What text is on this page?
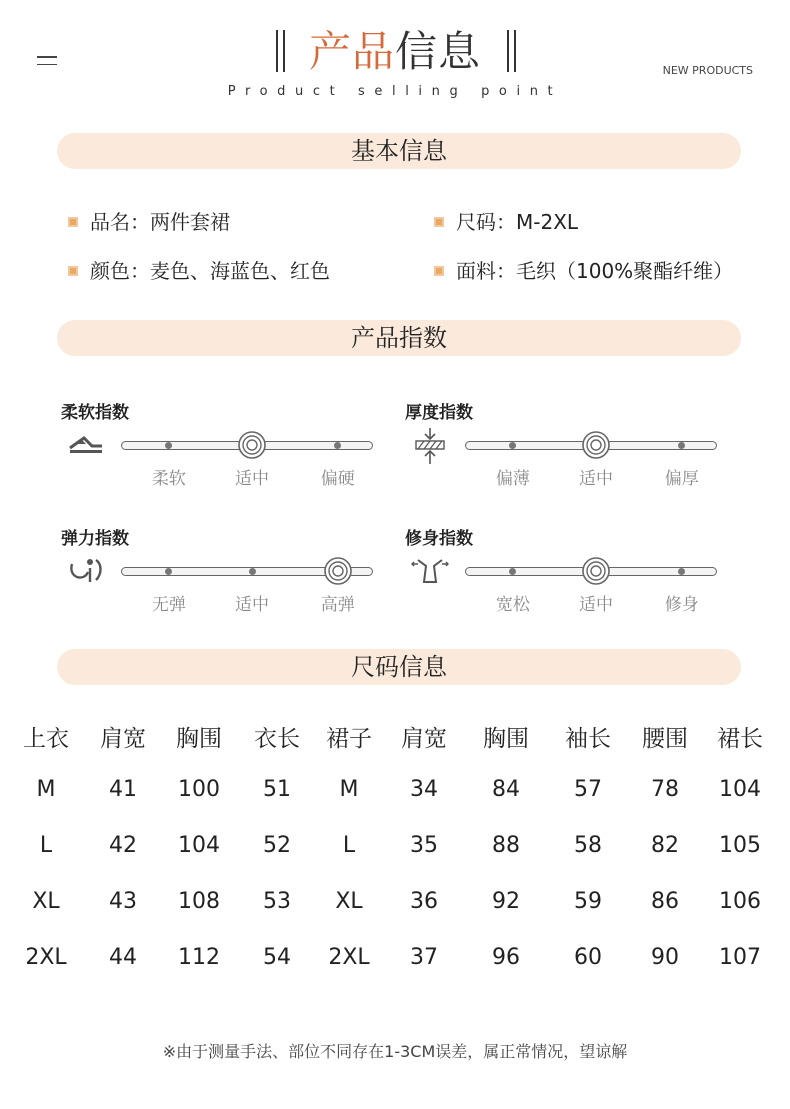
产品信息
Product selling point
NEW PRODUCTS
基本信息
品名：两件套裙	尺码：M-2XL
颜色：麦色、海蓝色、红色	面料：毛织（100%聚酯纤维）
产品指数
柔软指数
柔软	适中	偏硬
厚度指数
偏薄	适中	偏厚
弹力指数
无弹	适中	高弹
修身指数
宽松	适中	修身
尺码信息
上衣	肩宽	胸围	衣长	裙子	肩宽	胸围	袖长	腰围	裙长
M	41	100	51	M	34	84	57	78	104
L	42	104	52	L	35	88	58	82	105
XL	43	108	53	XL	36	92	59	86	106
2XL	44	112	54	2XL	37	96	60	90	107
※由于测量手法、部位不同存在1-3CM误差，属正常情况，望谅解
